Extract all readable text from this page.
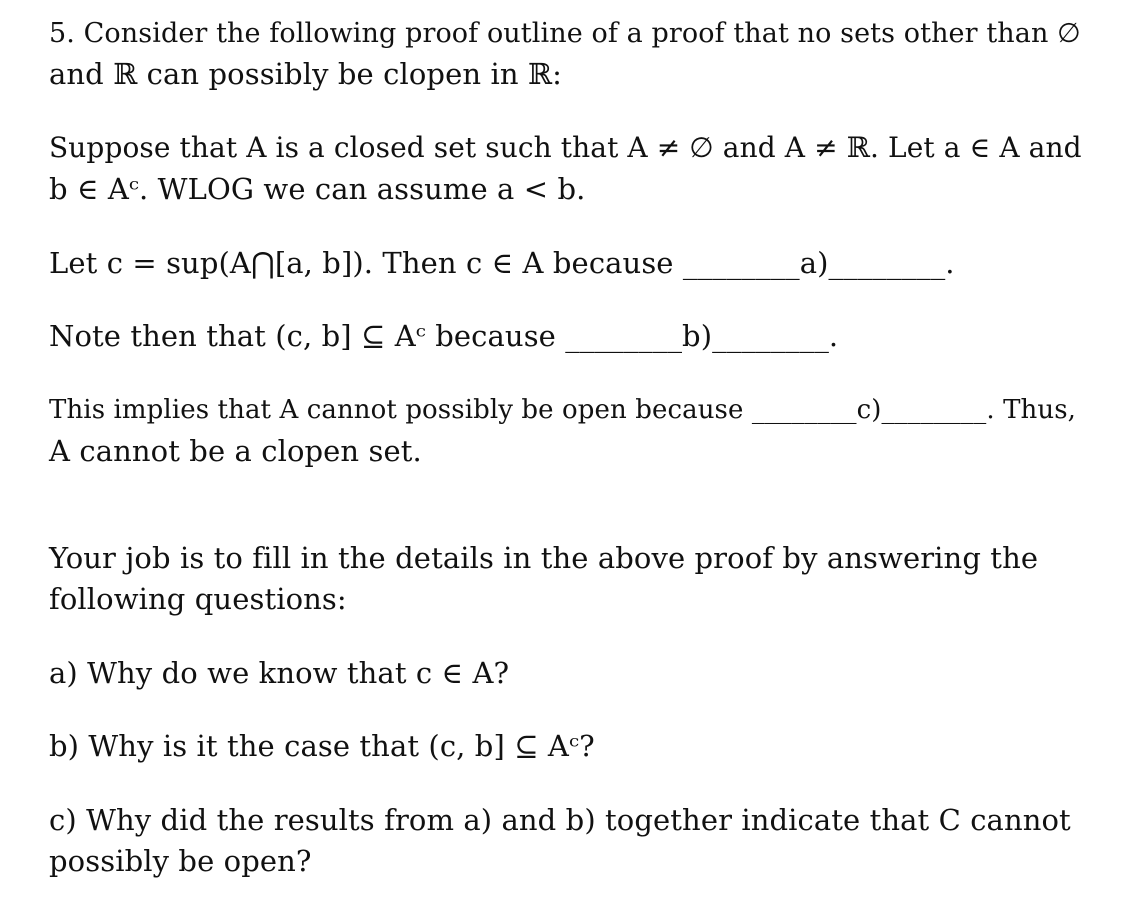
5. Consider the following proof outline of a proof that no sets other than ∅
and ℝ can possibly be clopen in ℝ:
Suppose that A is a closed set such that A ≠ ∅ and A ≠ ℝ. Let a ∈ A and
b ∈ Aᶜ. WLOG we can assume a < b.
Let c = sup(A⋂[a, b]). Then c ∈ A because ________a)________.
Note then that (c, b] ⊆ Aᶜ because ________b)________.
This implies that A cannot possibly be open because ________c)________. Thus,
A cannot be a clopen set.
Your job is to fill in the details in the above proof by answering the
following questions:
a) Why do we know that c ∈ A?
b) Why is it the case that (c, b] ⊆ Aᶜ?
c) Why did the results from a) and b) together indicate that C cannot
possibly be open?
